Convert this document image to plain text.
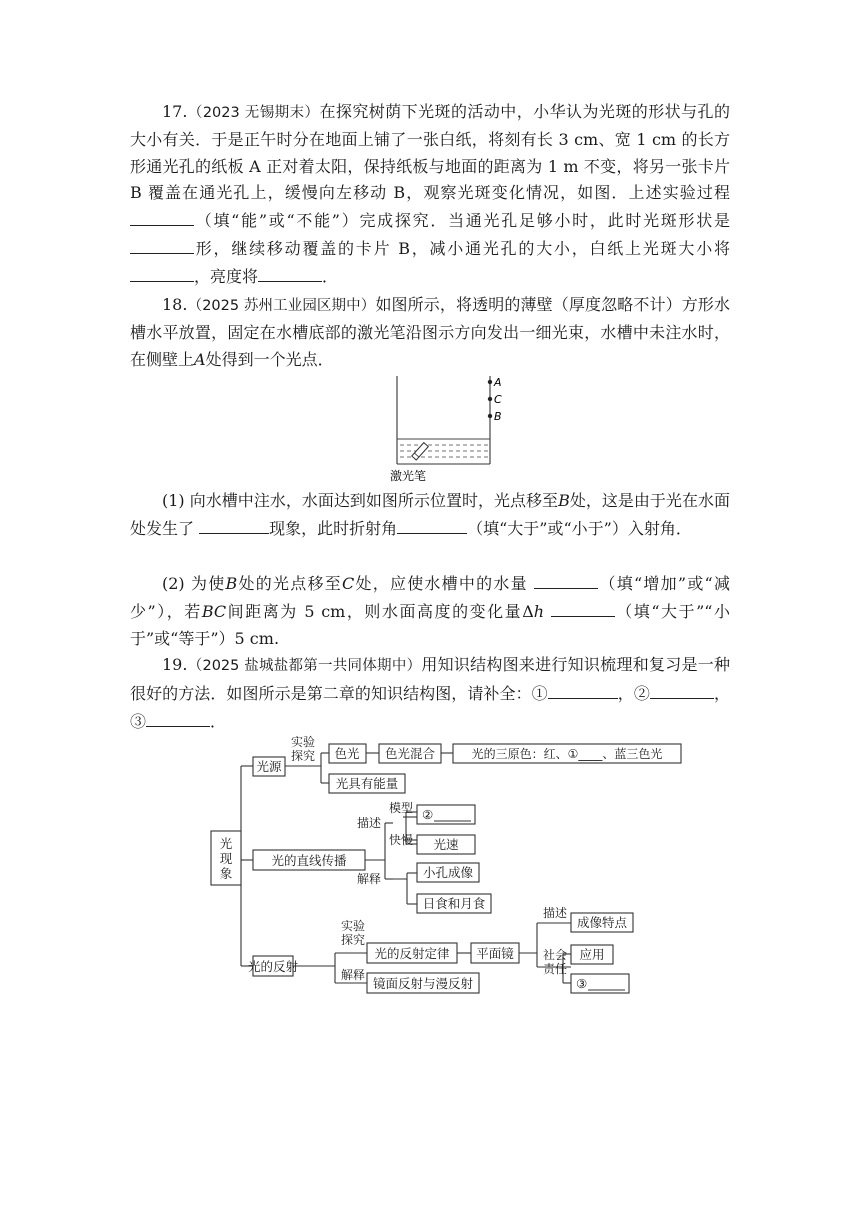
17.（2023 无锡期末）在探究树荫下光斑的活动中，小华认为光斑的形状与孔的大小有关．于是正午时分在地面上铺了一张白纸，将刻有长 3 cm、宽 1 cm 的长方形通光孔的纸板 A 正对着太阳，保持纸板与地面的距离为 1 m 不变，将另一张卡片 B 覆盖在通光孔上，缓慢向左移动 B，观察光斑变化情况，如图．上述实验过程（填“能”或“不能”）完成探究．当通光孔足够小时，此时光斑形状是形，继续移动覆盖的卡片 B，减小通光孔的大小，白纸上光斑大小将，亮度将	．

18.（2025 苏州工业园区期中）如图所示，将透明的薄壁（厚度忽略不计）方形水槽水平放置，固定在水槽底部的激光笔沿图示方向发出一细光束，水槽中未注水时，在侧壁上A处得到一个光点．

A
C
B
激光笔

(1) 向水槽中注水，水面达到如图所示位置时，光点移至B处，这是由于光在水面处发生了	现象，此时折射角	（填“大于”或“小于”）入射角．

(2) 为使B处的光点移至C处，应使水槽中的水量	（填“增加”或“减少”），若BC间距离为 5 cm，则水面高度的变化量Δh	（填“大于”“小于”或“等于”）5 cm.

19.（2025 盐城盐都第一共同体期中）用知识结构图来进行知识梳理和复习是一种很好的方法．如图所示是第二章的知识结构图，请补全：①	，②	，③	．

光现象
光源
实验探究 色光 色光混合	光的三原色：红、①____、蓝三色光
光具有能量
光的直线传播
描述
模型
快慢
②
光速
解释	小孔成像
日食和月食
光的反射
实验探究
解释
光的反射定律 平面镜
镜面反射与漫反射
描述
成像特点
社会责任
应用
③
